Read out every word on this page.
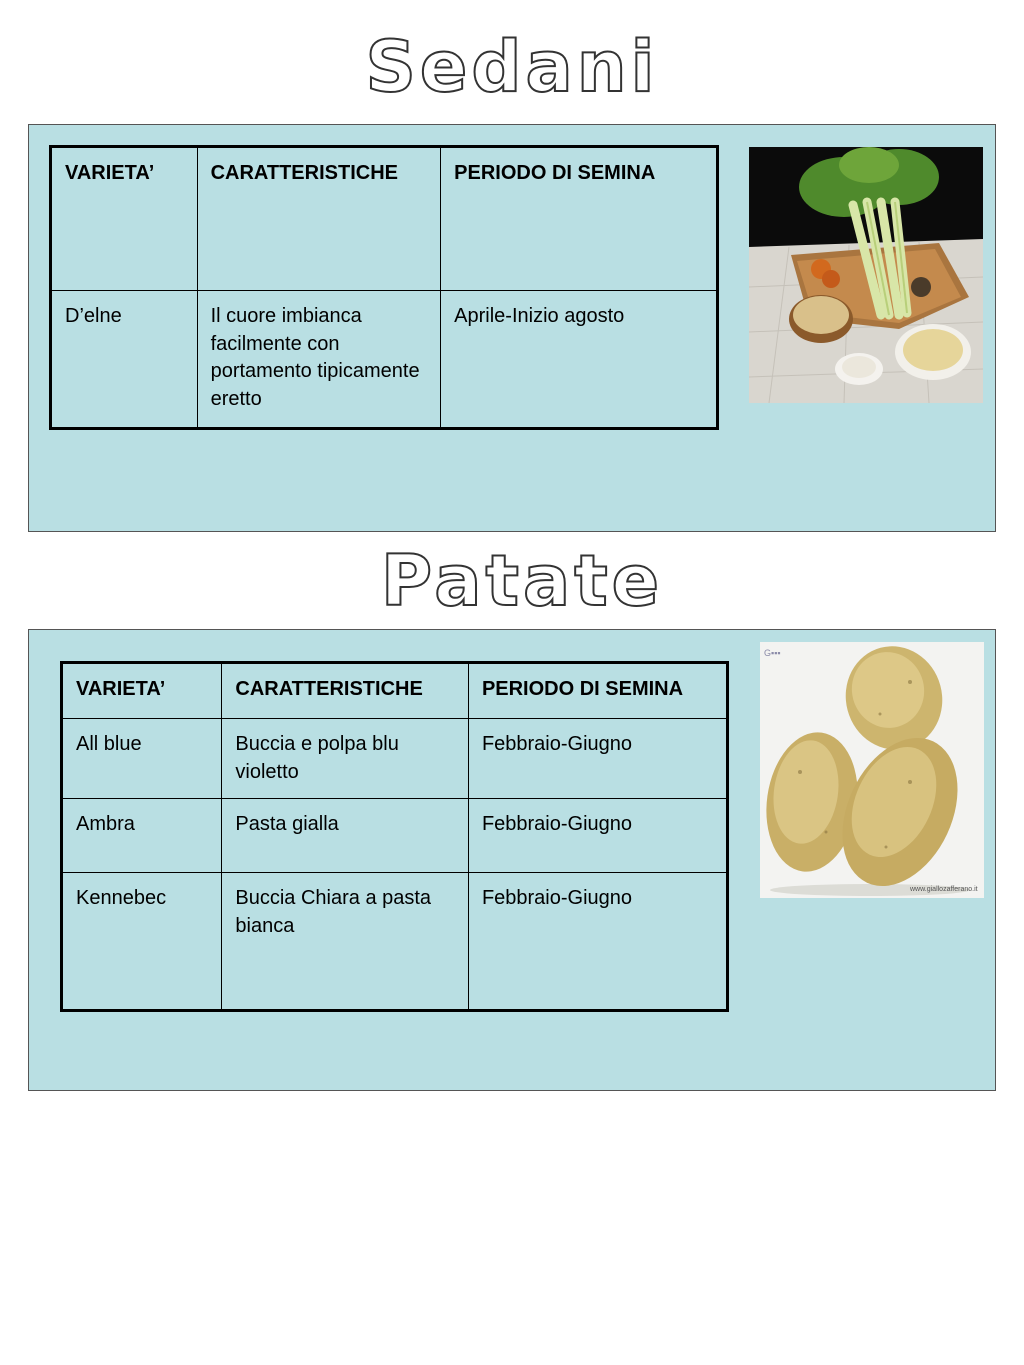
Sedani
VARIETA’	CARATTERISTICHE	PERIODO DI SEMINA
D’elne	Il cuore imbianca facilmente con portamento tipicamente eretto	Aprile-Inizio agosto
Patate
VARIETA’	CARATTERISTICHE	PERIODO DI SEMINA
All blue	Buccia e polpa blu violetto	Febbraio-Giugno
Ambra	Pasta gialla	Febbraio-Giugno
Kennebec	Buccia Chiara a pasta bianca	Febbraio-Giugno
G▪▪▪
www.giallozafferano.it
